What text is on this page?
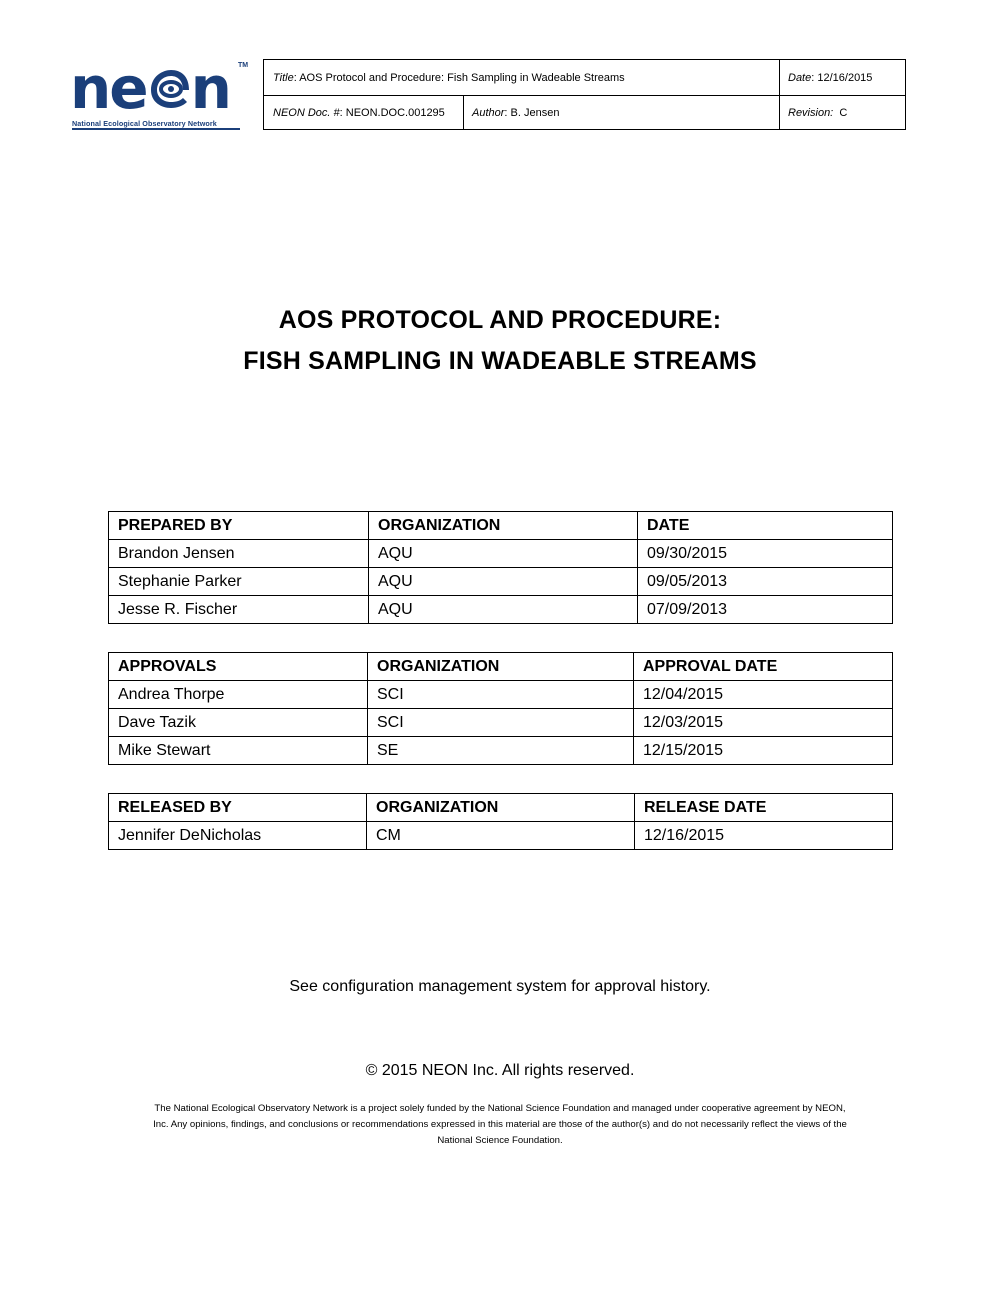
ne n TM
National Ecological Observatory Network
Title : AOS Protocol and Procedure: Fish Sampling in Wadeable Streams	Date : 12/16/2015
NEON Doc. # : NEON.DOC.001295 Author : B. Jensen	Revision: C
AOS PROTOCOL AND PROCEDURE:
FISH SAMPLING IN WADEABLE STREAMS
PREPARED BY	ORGANIZATION	DATE
Brandon Jensen	AQU	09/30/2015
Stephanie Parker	AQU	09/05/2013
Jesse R. Fischer	AQU	07/09/2013
APPROVALS	ORGANIZATION	APPROVAL DATE
Andrea Thorpe	SCI	12/04/2015
Dave Tazik	SCI	12/03/2015
Mike Stewart	SE	12/15/2015
RELEASED BY	ORGANIZATION	RELEASE DATE
Jennifer DeNicholas	CM	12/16/2015
See configuration management system for approval history.
© 2015 NEON Inc. All rights reserved.
The National Ecological Observatory Network is a project solely funded by the National Science Foundation and managed under cooperative agreement by NEON,
Inc. Any opinions, findings, and conclusions or recommendations expressed in this material are those of the author(s) and do not necessarily reflect the views of the
National Science Foundation.
